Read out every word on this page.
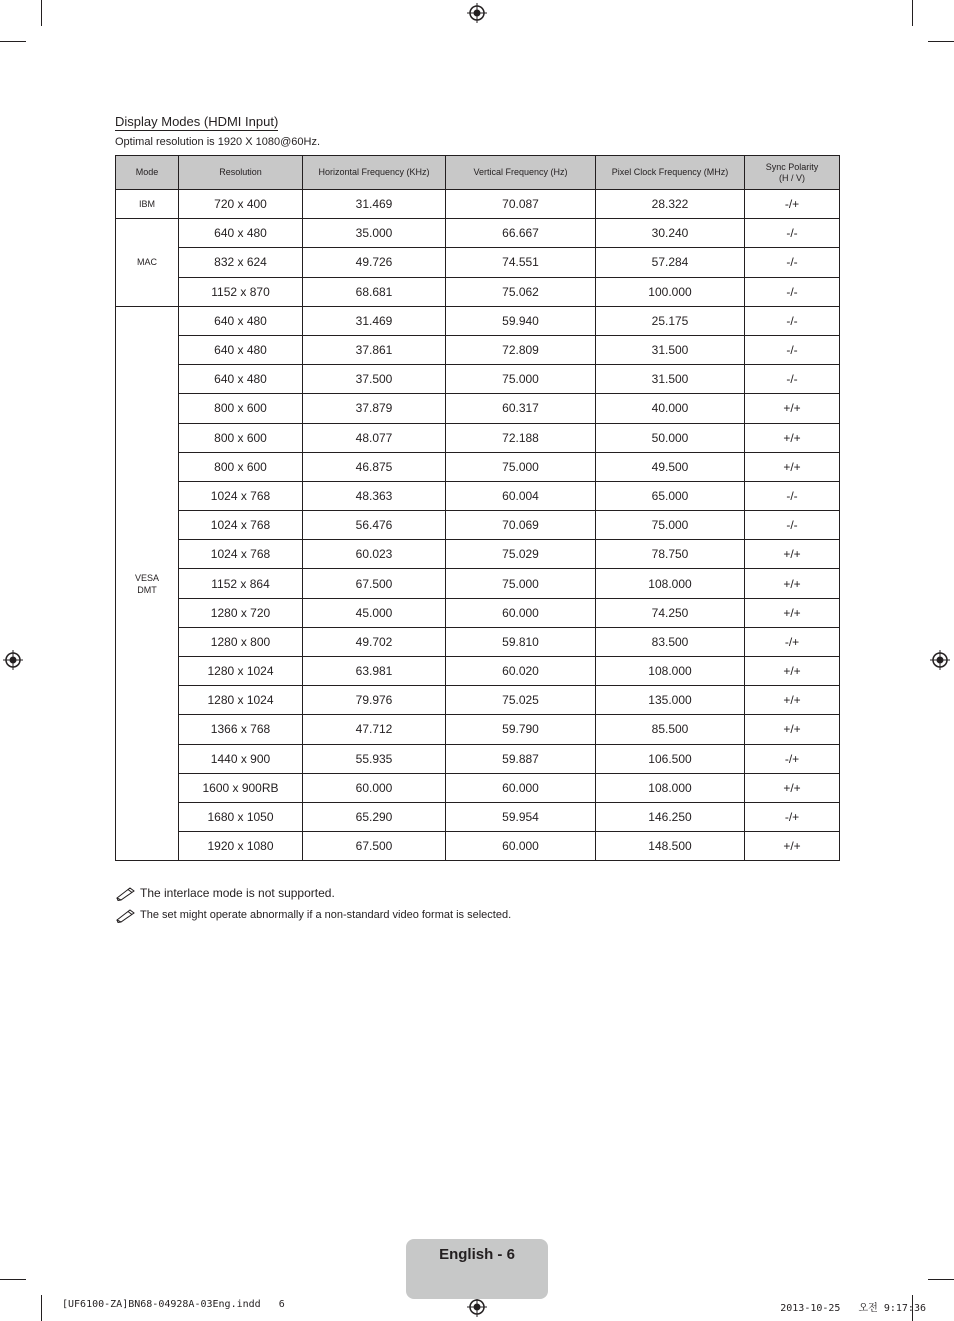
Display Modes (HDMI Input)
Optimal resolution is 1920 X 1080@60Hz.
Mode	Resolution	Horizontal Frequency (KHz)	Vertical Frequency (Hz)	Pixel Clock Frequency (MHz)	Sync Polarity
(H / V)
IBM	720 x 400	31.469	70.087	28.322	-/+
MAC	640 x 480	35.000	66.667	30.240	-/-
	832 x 624	49.726	74.551	57.284	-/-
	1152 x 870	68.681	75.062	100.000	-/-
VESA
DMT	640 x 480	31.469	59.940	25.175	-/-
	640 x 480	37.861	72.809	31.500	-/-
	640 x 480	37.500	75.000	31.500	-/-
	800 x 600	37.879	60.317	40.000	+/+
	800 x 600	48.077	72.188	50.000	+/+
	800 x 600	46.875	75.000	49.500	+/+
	1024 x 768	48.363	60.004	65.000	-/-
	1024 x 768	56.476	70.069	75.000	-/-
	1024 x 768	60.023	75.029	78.750	+/+
	1152 x 864	67.500	75.000	108.000	+/+
	1280 x 720	45.000	60.000	74.250	+/+
	1280 x 800	49.702	59.810	83.500	-/+
	1280 x 1024	63.981	60.020	108.000	+/+
	1280 x 1024	79.976	75.025	135.000	+/+
	1366 x 768	47.712	59.790	85.500	+/+
	1440 x 900	55.935	59.887	106.500	-/+
	1600 x 900RB	60.000	60.000	108.000	+/+
	1680 x 1050	65.290	59.954	146.250	-/+
	1920 x 1080	67.500	60.000	148.500	+/+
The interlace mode is not supported.
The set might operate abnormally if a non-standard video format is selected.
English - 6
[UF6100-ZA]BN68-04928A-03Eng.indd   6	2013-10-25   오전 9:17:36
